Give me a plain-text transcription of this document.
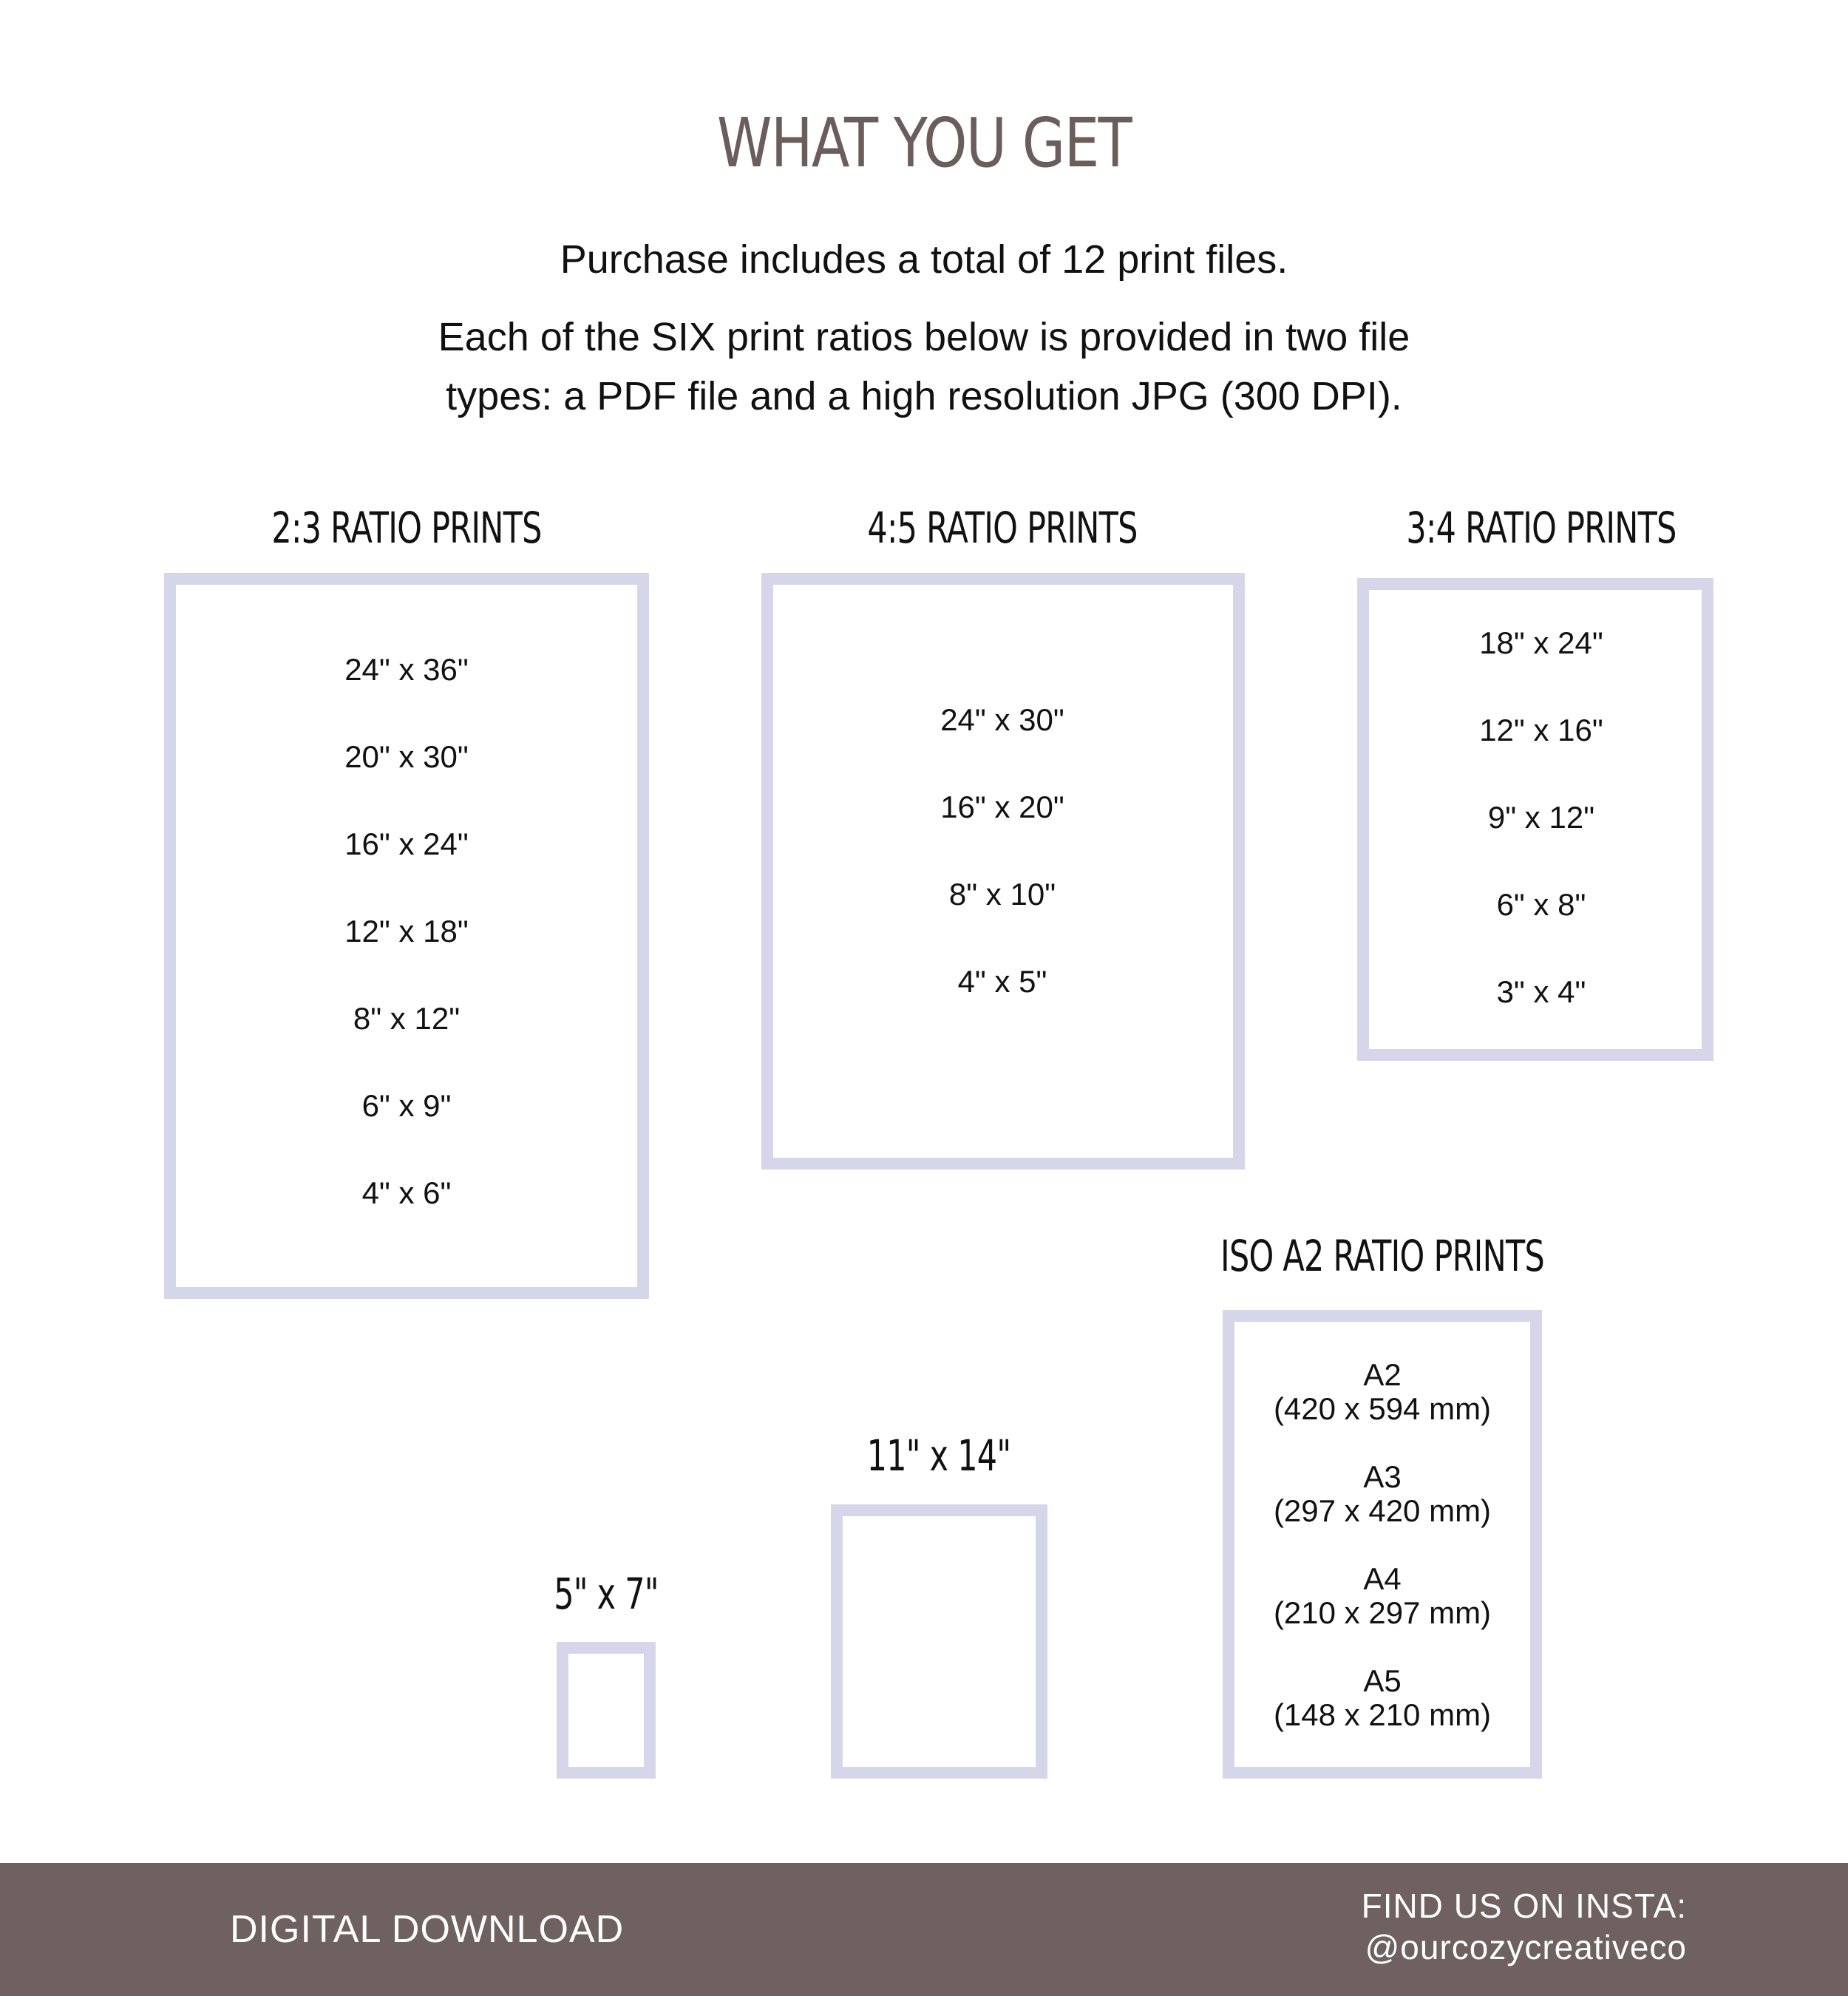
WHAT YOU GET
Purchase includes a total of 12 print files.
Each of the SIX print ratios below is provided in two file
types: a PDF file and a high resolution JPG (300 DPI).
2:3 RATIO PRINTS
24" x 36"
20" x 30"
16" x 24"
12" x 18"
8" x 12"
6" x 9"
4" x 6"
4:5 RATIO PRINTS
24" x 30"
16" x 20"
8" x 10"
4" x 5"
3:4 RATIO PRINTS
18" x 24"
12" x 16"
9" x 12"
6" x 8"
3" x 4"
ISO A2 RATIO PRINTS
A2
(420 x 594 mm)
A3
(297 x 420 mm)
A4
(210 x 297 mm)
A5
(148 x 210 mm)
5" x 7"
11" x 14"
DIGITAL DOWNLOAD
FIND US ON INSTA:
@ourcozycreativeco
